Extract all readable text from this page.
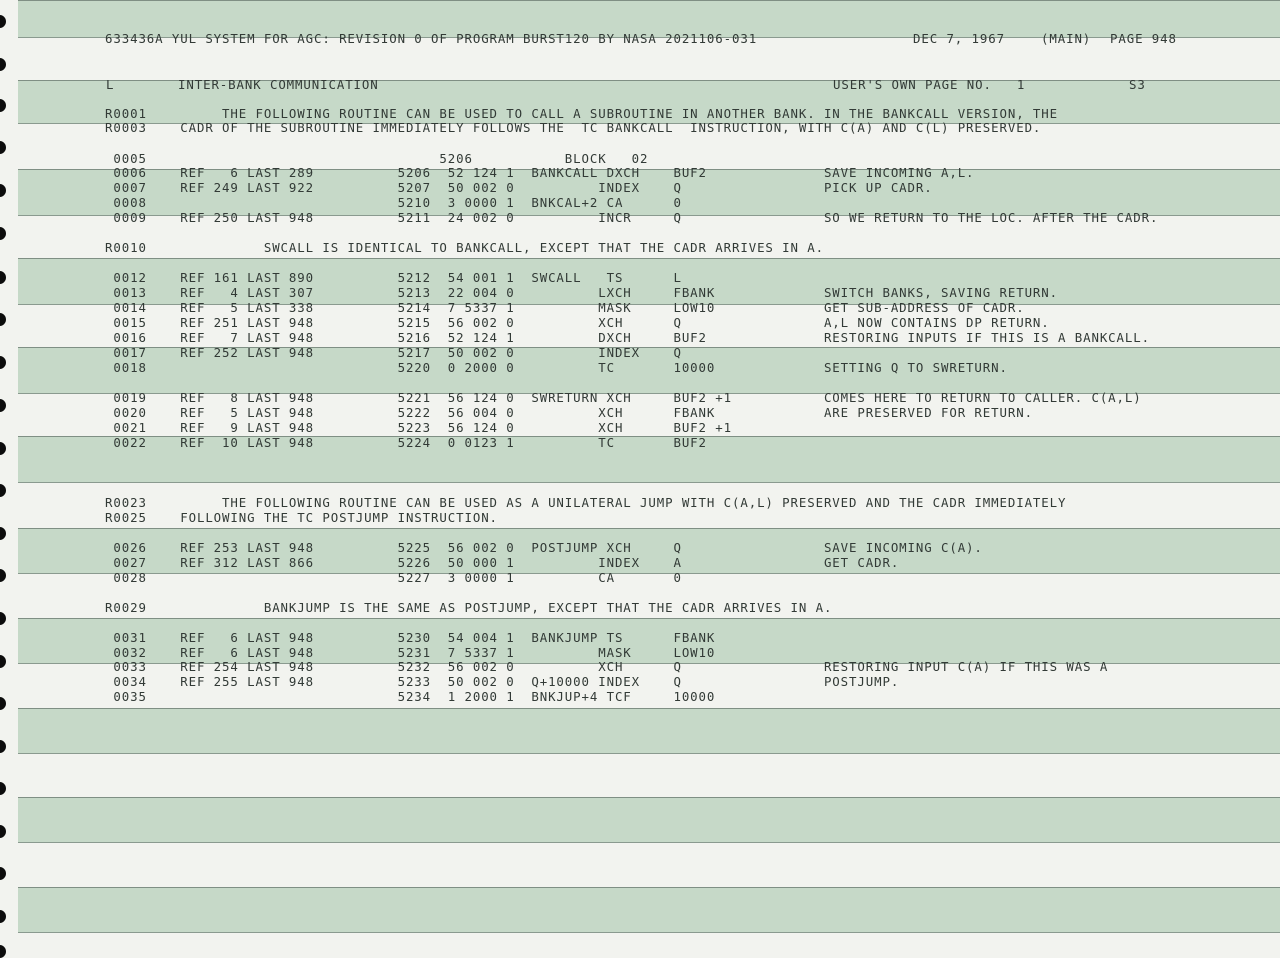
633436A YUL SYSTEM FOR AGC: REVISION 0 OF PROGRAM BURST120 BY NASA 2021106-031	DEC 7, 1967	(MAIN) PAGE 948
L	INTER-BANK COMMUNICATION	USER'S OWN PAGE NO.   1	S3
R0001         THE FOLLOWING ROUTINE CAN BE USED TO CALL A SUBROUTINE IN ANOTHER BANK. IN THE BANKCALL VERSION, THE
R0003    CADR OF THE SUBROUTINE IMMEDIATELY FOLLOWS THE  TC BANKCALL  INSTRUCTION, WITH C(A) AND C(L) PRESERVED.
0005                                   5206           BLOCK   02
0006    REF   6 LAST 289          5206  52 124 1  BANKCALL DXCH    BUF2              SAVE INCOMING A,L.
0007    REF 249 LAST 922          5207  50 002 0          INDEX    Q                 PICK UP CADR.
0008                              5210  3 0000 1  BNKCAL+2 CA      0
0009    REF 250 LAST 948          5211  24 002 0          INCR     Q                 SO WE RETURN TO THE LOC. AFTER THE CADR.
R0010              SWCALL IS IDENTICAL TO BANKCALL, EXCEPT THAT THE CADR ARRIVES IN A.
0012    REF 161 LAST 890          5212  54 001 1  SWCALL   TS      L
0013    REF   4 LAST 307          5213  22 004 0          LXCH     FBANK             SWITCH BANKS, SAVING RETURN.
0014    REF   5 LAST 338          5214  7 5337 1          MASK     LOW10             GET SUB-ADDRESS OF CADR.
0015    REF 251 LAST 948          5215  56 002 0          XCH      Q                 A,L NOW CONTAINS DP RETURN.
0016    REF   7 LAST 948          5216  52 124 1          DXCH     BUF2              RESTORING INPUTS IF THIS IS A BANKCALL.
0017    REF 252 LAST 948          5217  50 002 0          INDEX    Q
0018                              5220  0 2000 0          TC       10000             SETTING Q TO SWRETURN.
0019    REF   8 LAST 948          5221  56 124 0  SWRETURN XCH     BUF2 +1           COMES HERE TO RETURN TO CALLER. C(A,L)
0020    REF   5 LAST 948          5222  56 004 0          XCH      FBANK             ARE PRESERVED FOR RETURN.
0021    REF   9 LAST 948          5223  56 124 0          XCH      BUF2 +1
0022    REF  10 LAST 948          5224  0 0123 1          TC       BUF2
R0023         THE FOLLOWING ROUTINE CAN BE USED AS A UNILATERAL JUMP WITH C(A,L) PRESERVED AND THE CADR IMMEDIATELY
R0025    FOLLOWING THE TC POSTJUMP INSTRUCTION.
0026    REF 253 LAST 948          5225  56 002 0  POSTJUMP XCH     Q                 SAVE INCOMING C(A).
0027    REF 312 LAST 866          5226  50 000 1          INDEX    A                 GET CADR.
0028                              5227  3 0000 1          CA       0
R0029              BANKJUMP IS THE SAME AS POSTJUMP, EXCEPT THAT THE CADR ARRIVES IN A.
0031    REF   6 LAST 948          5230  54 004 1  BANKJUMP TS      FBANK
0032    REF   6 LAST 948          5231  7 5337 1          MASK     LOW10
0033    REF 254 LAST 948          5232  56 002 0          XCH      Q                 RESTORING INPUT C(A) IF THIS WAS A
0034    REF 255 LAST 948          5233  50 002 0  Q+10000 INDEX    Q                 POSTJUMP.
0035                              5234  1 2000 1  BNKJUP+4 TCF     10000
